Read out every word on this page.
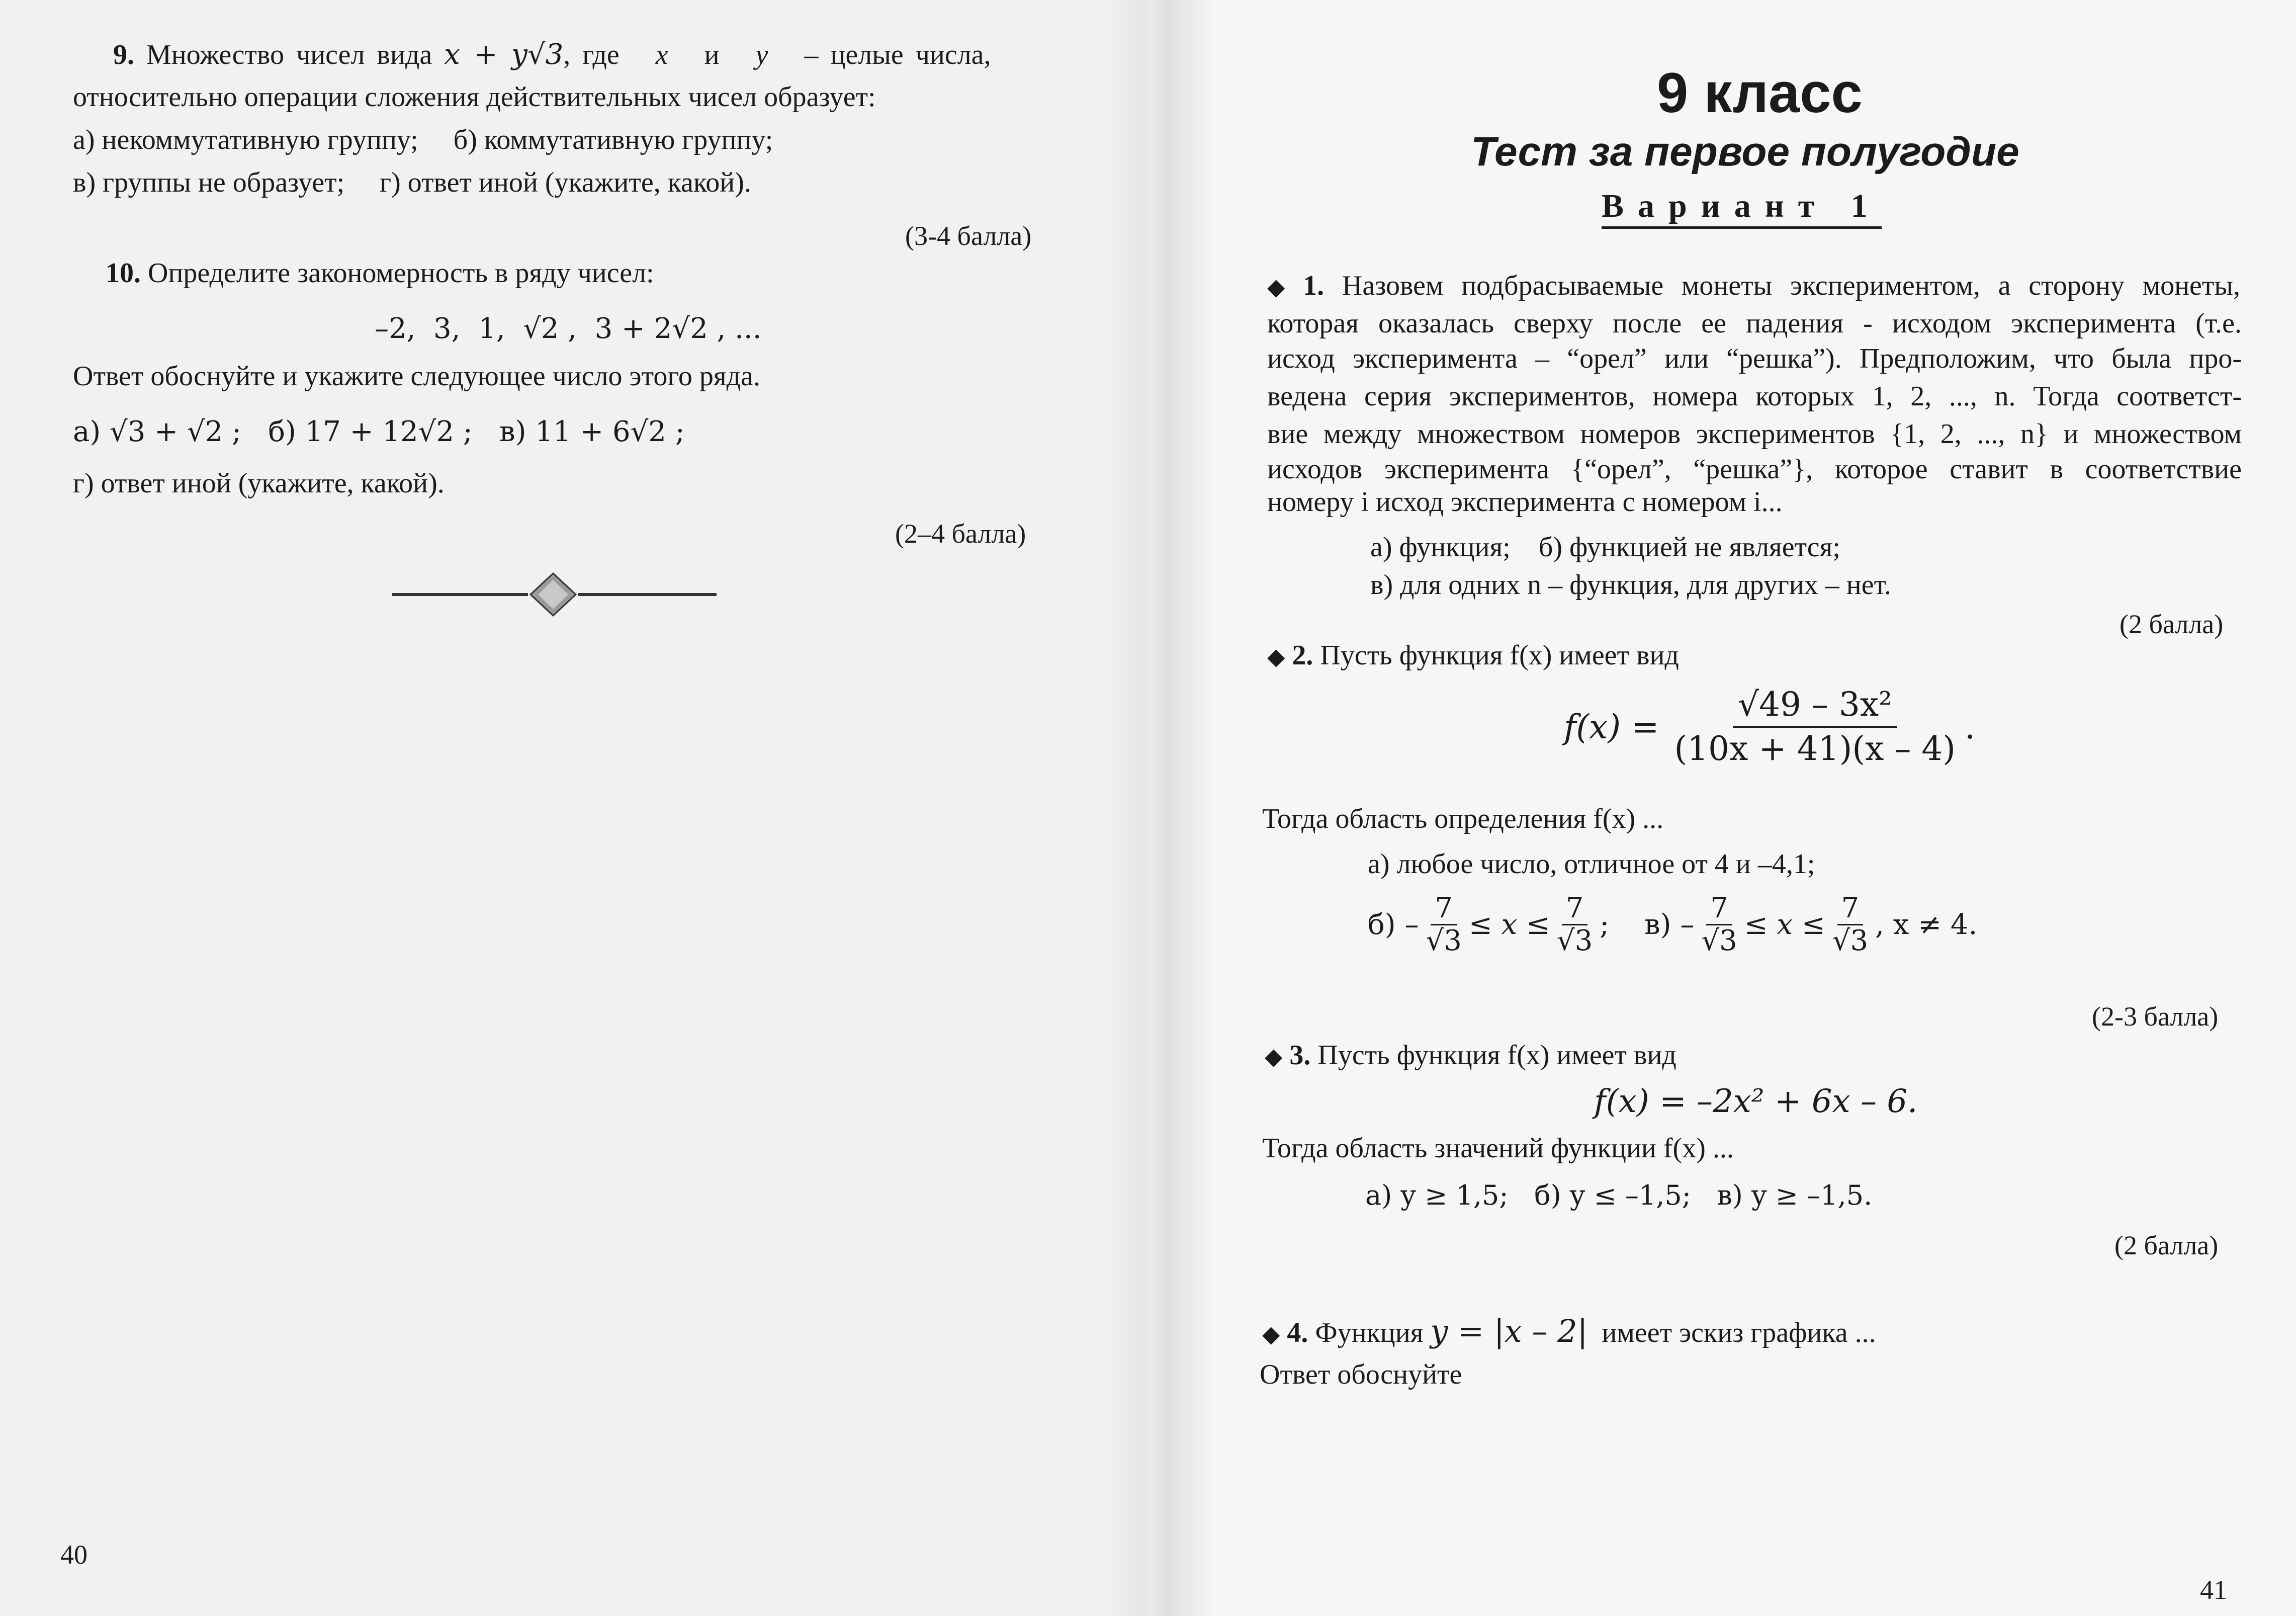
9. Множество чисел вида x + y√3, где x и y – целые числа,
относительно операции сложения действительных чисел образует:
а) некоммутативную группу;     б) коммутативную группу;
в) группы не образует;     г) ответ иной (укажите, какой).
(3-4 балла)
10. Определите закономерность в ряду чисел:
–2,  3,  1,  √2 ,  3 + 2√2 , ...
Ответ обоснуйте и укажите следующее число этого ряда.
а) √3 + √2 ;   б) 17 + 12√2 ;   в) 11 + 6√2 ;
г) ответ иной (укажите, какой).
(2–4 балла)
40
9 класс
Тест за первое полугодие
Вариант 1
◆ 1. Назовем подбрасываемые монеты экспериментом, а сторону монеты,
которая оказалась сверху после ее падения - исходом эксперимента (т.е.
исход эксперимента – “орел” или “решка”). Предположим, что была про-
ведена серия экспериментов, номера которых 1, 2, ..., n. Тогда соответст-
вие между множеством номеров экспериментов {1, 2, ..., n} и множеством
исходов эксперимента {“орел”, “решка”}, которое ставит в соответствие
номеру i исход эксперимента с номером i...
а) функция;    б) функцией не является;
в) для одних n – функция, для других – нет.
(2 балла)
◆ 2. Пусть функция f(x) имеет вид
$f(x) = \frac{\text{√49 – 3x²}}{(10x + 41)(x - 4)}$ .
Тогда область определения f(x) ...
а) любое число, отличное от 4 и –4,1;
$б) - \frac{7}{√3} \le x \le \frac{7}{√3}$ ; $в) - \frac{7}{√3} \le x \le \frac{7}{√3}$ , x ≠ 4.
(2-3 балла)
◆ 3. Пусть функция f(x) имеет вид
f(x) = –2x² + 6x – 6.
Тогда область значений функции f(x) ...
а) y ≥ 1,5;   б) y ≤ –1,5;   в) y ≥ –1,5.
(2 балла)
◆ 4. Функция y = |x – 2| имеет эскиз графика ...
Ответ обоснуйте
41
